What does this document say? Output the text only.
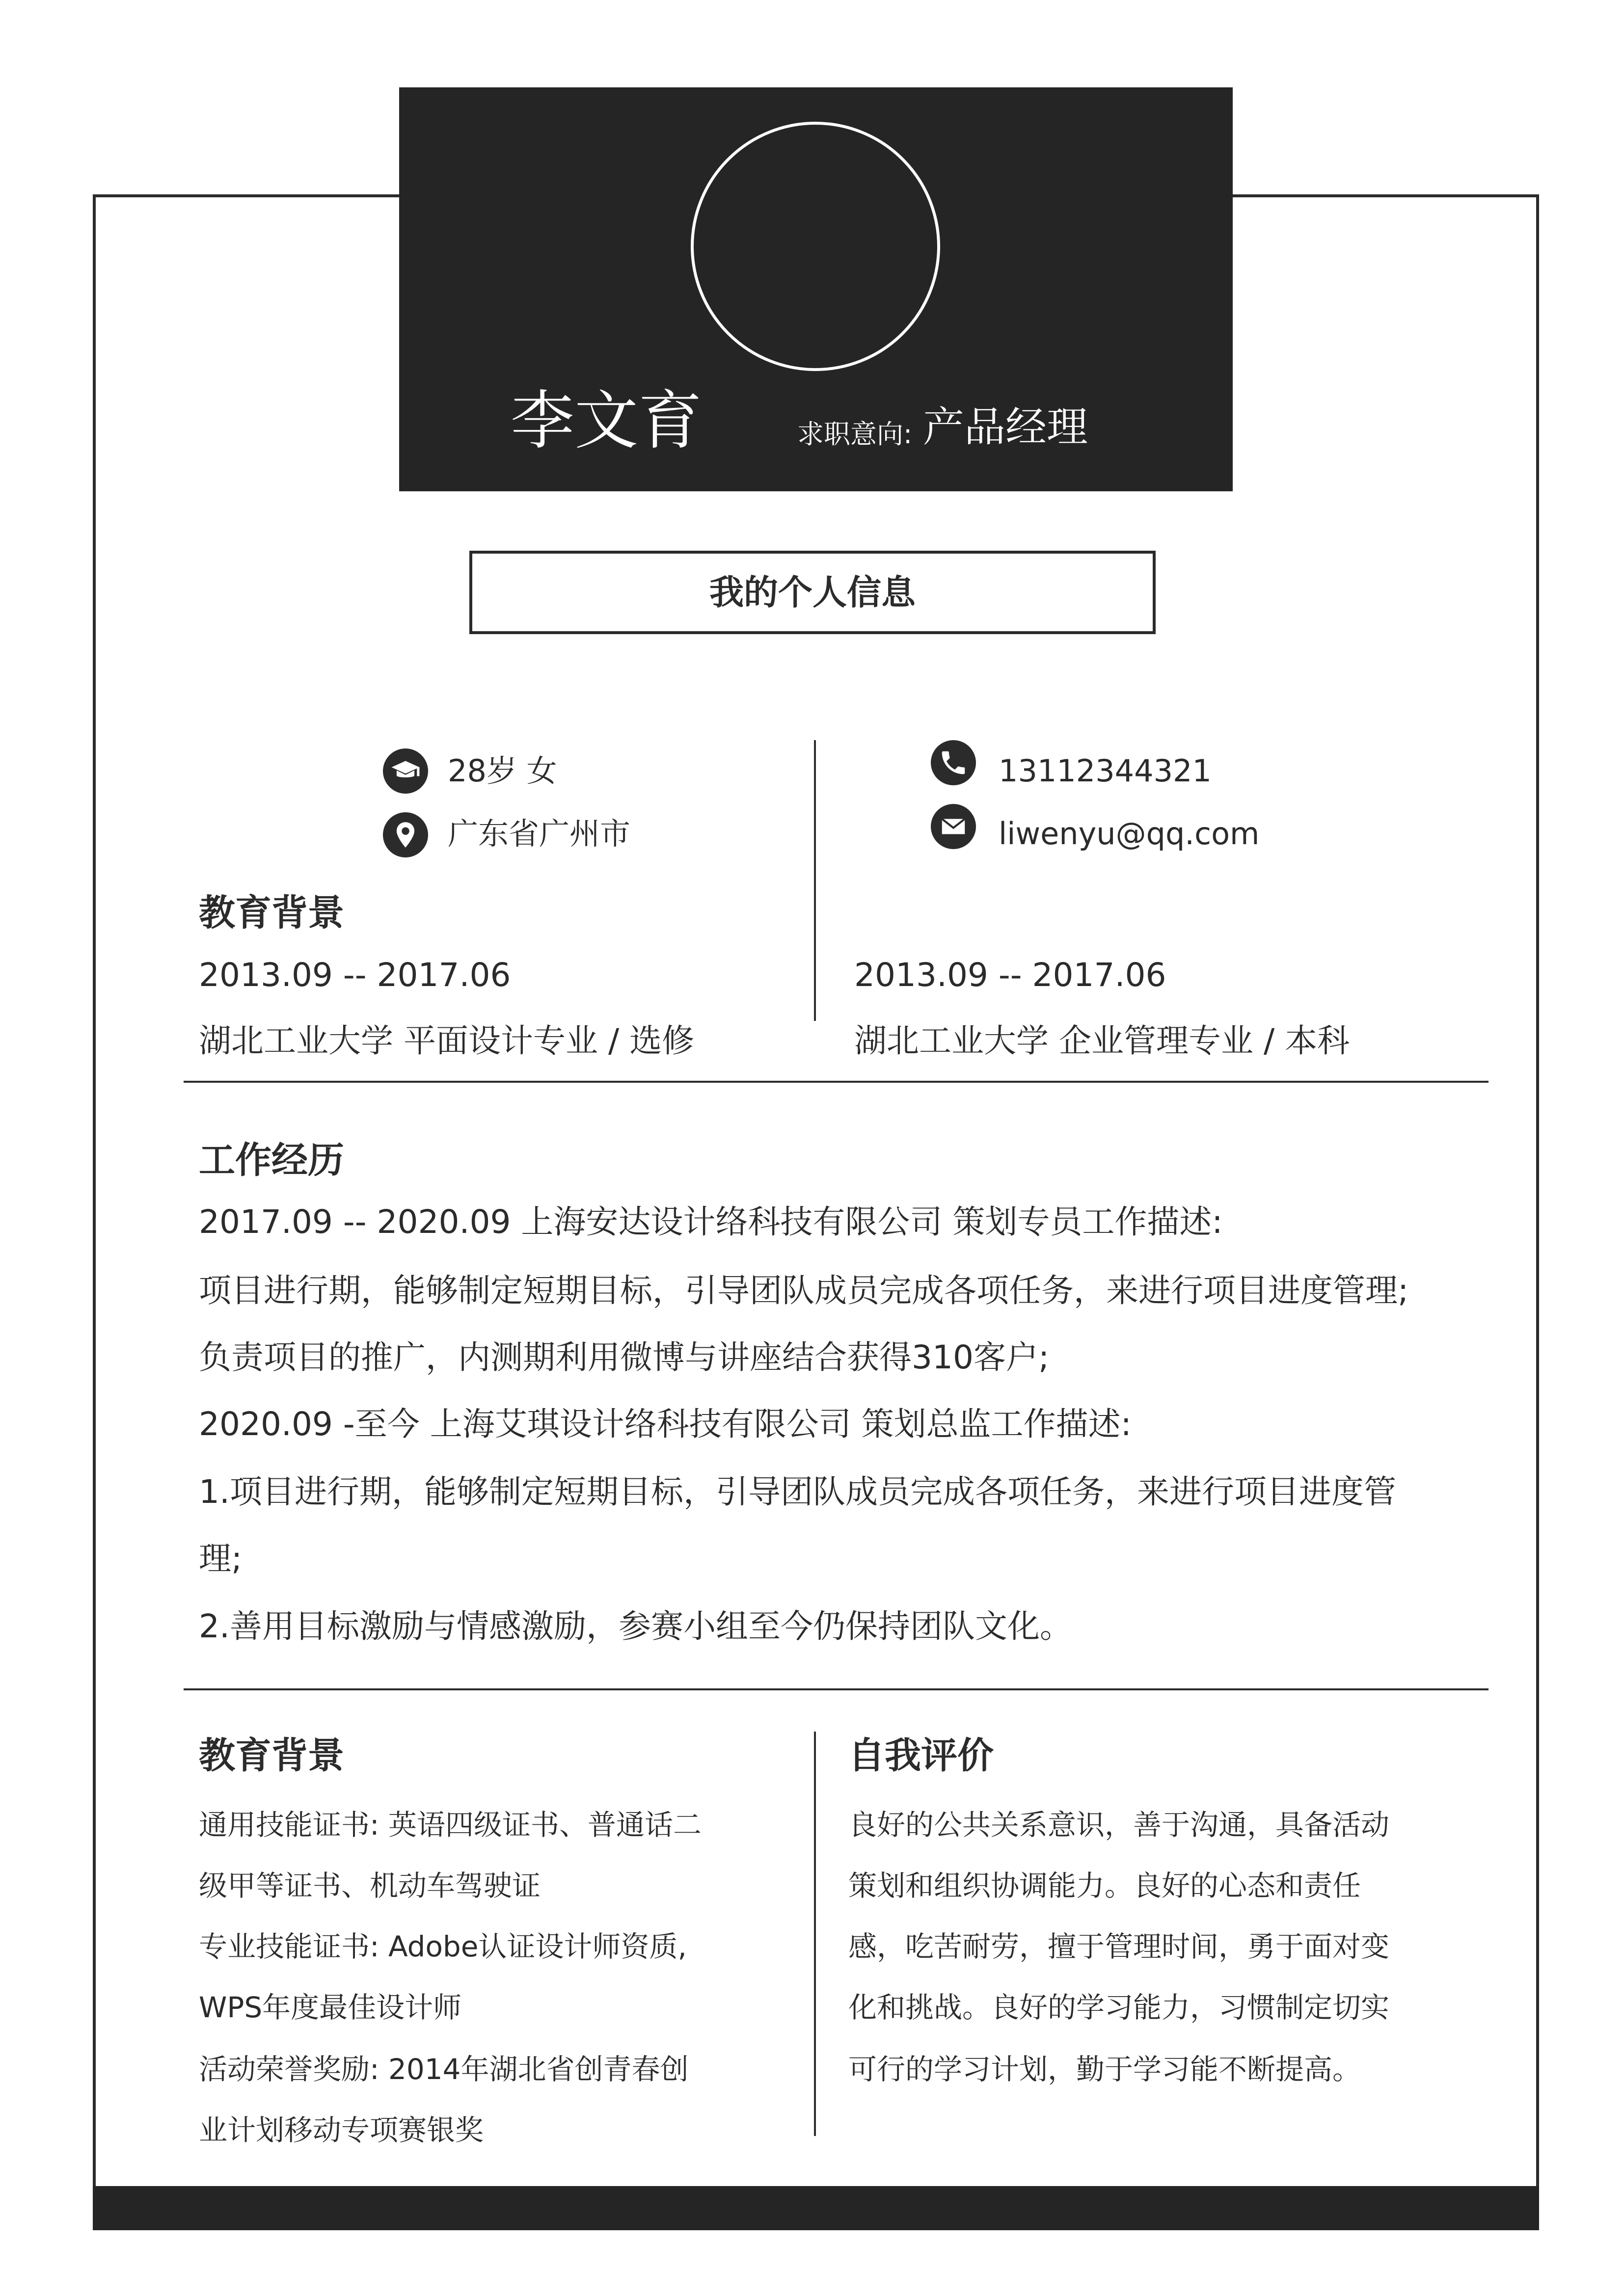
李文育	求职意向: 产品经理
我的个人信息
28岁 女
广东省广州市
13112344321
liwenyu@qq.com
教育背景
2013.09 -- 2017.06
湖北工业大学 平面设计专业 / 选修
2013.09 -- 2017.06
湖北工业大学 企业管理专业 / 本科
工作经历
2017.09 -- 2020.09 上海安达设计络科技有限公司 策划专员工作描述:
项目进行期，能够制定短期目标，引导团队成员完成各项任务，来进行项目进度管理;
负责项目的推广，内测期利用微博与讲座结合获得310客户;
2020.09 -至今 上海艾琪设计络科技有限公司 策划总监工作描述:
1.项目进行期，能够制定短期目标，引导团队成员完成各项任务，来进行项目进度管
理;
2.善用目标激励与情感激励，参赛小组至今仍保持团队文化。
教育背景
通用技能证书: 英语四级证书、普通话二
级甲等证书、机动车驾驶证
专业技能证书: Adobe认证设计师资质,
WPS年度最佳设计师
活动荣誉奖励: 2014年湖北省创青春创
业计划移动专项赛银奖
自我评价
良好的公共关系意识，善于沟通，具备活动
策划和组织协调能力。良好的心态和责任
感，吃苦耐劳，擅于管理时间，勇于面对变
化和挑战。良好的学习能力，习惯制定切实
可行的学习计划，勤于学习能不断提高。
